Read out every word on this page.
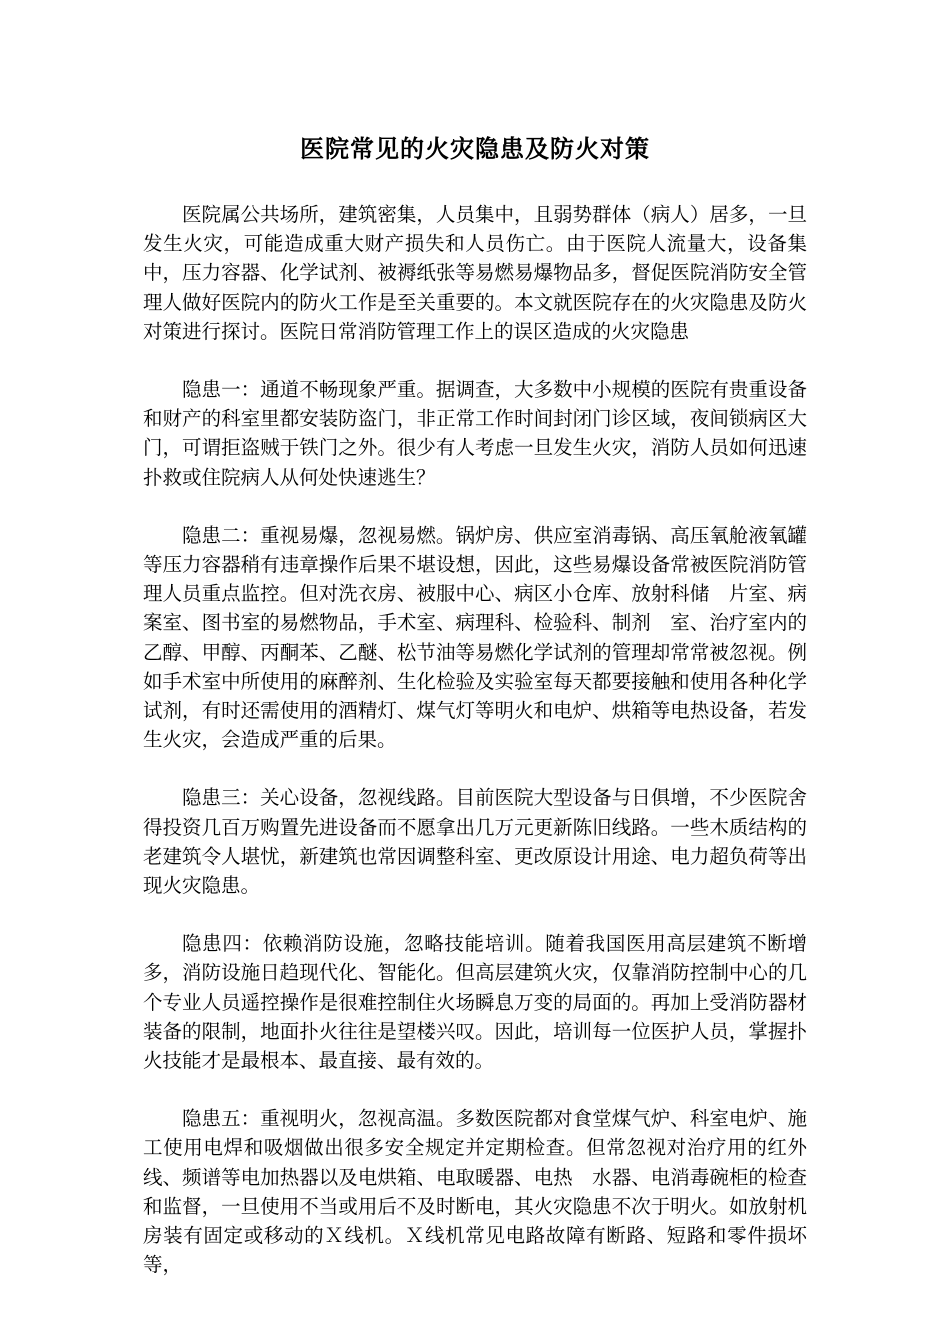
医院常见的火灾隐患及防火对策

医院属公共场所，建筑密集，人员集中，且弱势群体（病人）居多，一旦发生火灾，可能造成重大财产损失和人员伤亡。由于医院人流量大，设备集中，压力容器、化学试剂、被褥纸张等易燃易爆物品多，督促医院消防安全管理人做好医院内的防火工作是至关重要的。本文就医院存在的火灾隐患及防火对策进行探讨。医院日常消防管理工作上的误区造成的火灾隐患

隐患一：通道不畅现象严重。据调查，大多数中小规模的医院有贵重设备和财产的科室里都安装防盗门，非正常工作时间封闭门诊区域，夜间锁病区大门，可谓拒盗贼于铁门之外。很少有人考虑一旦发生火灾，消防人员如何迅速扑救或住院病人从何处快速逃生？

隐患二：重视易爆，忽视易燃。锅炉房、供应室消毒锅、高压氧舱液氧罐等压力容器稍有违章操作后果不堪设想，因此，这些易爆设备常被医院消防管理人员重点监控。但对洗衣房、被服中心、病区小仓库、放射科储　片室、病案室、图书室的易燃物品，手术室、病理科、检验科、制剂　室、治疗室内的乙醇、甲醇、丙酮苯、乙醚、松节油等易燃化学试剂的管理却常常被忽视。例如手术室中所使用的麻醉剂、生化检验及实验室每天都要接触和使用各种化学试剂，有时还需使用的酒精灯、煤气灯等明火和电炉、烘箱等电热设备，若发生火灾，会造成严重的后果。

隐患三：关心设备，忽视线路。目前医院大型设备与日俱增，不少医院舍得投资几百万购置先进设备而不愿拿出几万元更新陈旧线路。一些木质结构的老建筑令人堪忧，新建筑也常因调整科室、更改原设计用途、电力超负荷等出现火灾隐患。

隐患四：依赖消防设施，忽略技能培训。随着我国医用高层建筑不断增多，消防设施日趋现代化、智能化。但高层建筑火灾，仅靠消防控制中心的几个专业人员遥控操作是很难控制住火场瞬息万变的局面的。再加上受消防器材装备的限制，地面扑火往往是望楼兴叹。因此，培训每一位医护人员，掌握扑火技能才是最根本、最直接、最有效的。

隐患五：重视明火，忽视高温。多数医院都对食堂煤气炉、科室电炉、施工使用电焊和吸烟做出很多安全规定并定期检查。但常忽视对治疗用的红外线、频谱等电加热器以及电烘箱、电取暖器、电热　水器、电消毒碗柜的检查和监督，一旦使用不当或用后不及时断电，其火灾隐患不次于明火。如放射机房装有固定或移动的Ｘ线机。Ｘ线机常见电路故障有断路、短路和零件损坏等，
